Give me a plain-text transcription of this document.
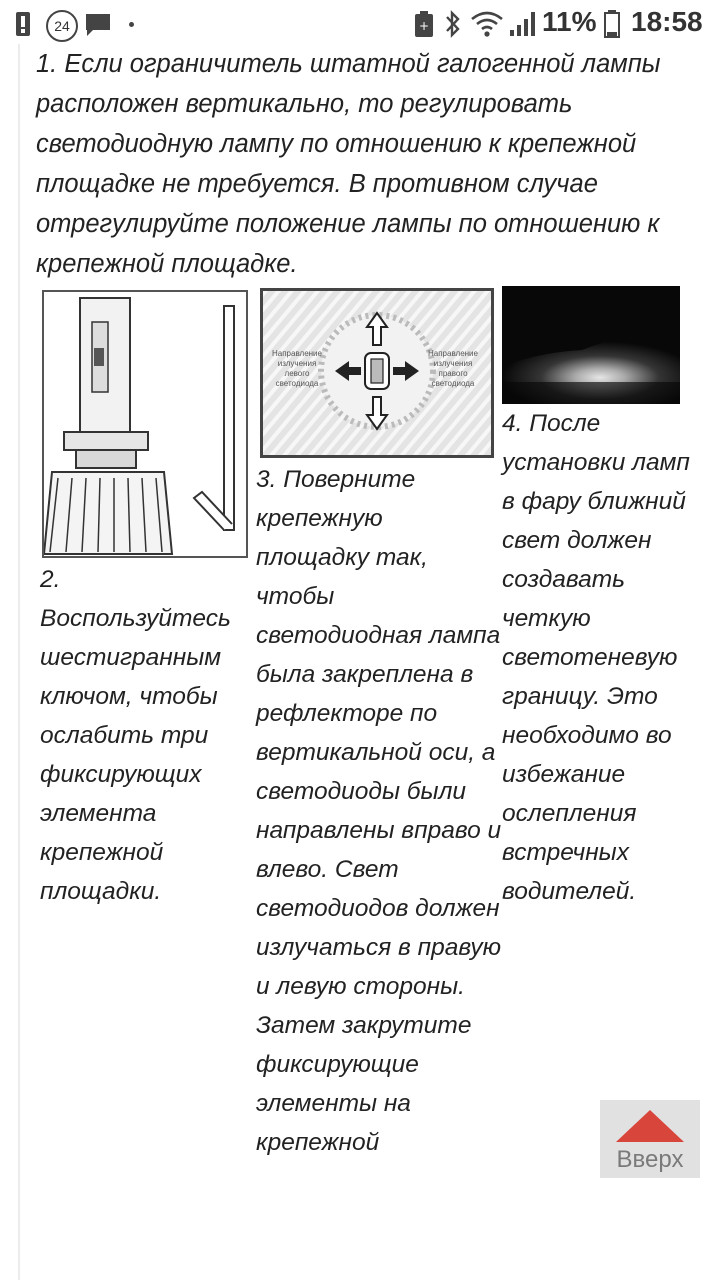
24	+	11% 18:58

1. Если ограничитель штатной галогенной лампы расположен вертикально, то регулировать светодиодную лампу по отношению к крепежной площадке не требуется. В противном случае отрегулируйте положение лампы по отношению к крепежной площадке.

2. Воспользуйтесь шестигранным ключом, чтобы ослабить три фиксирующих элемента крепежной площадки.

Направление
излучения
левого
светодиода
Направление
излучения
правого
светодиода

3. Поверните крепежную площадку так, чтобы светодиодная лампа была закреплена в рефлекторе по вертикальной оси, а светодиоды были направлены вправо и влево. Свет светодиодов должен излучаться в правую и левую стороны. Затем закрутите фиксирующие элементы на крепежной

4. После установки ламп в фару ближний свет должен создавать четкую светотеневую границу. Это необходимо во избежание ослепления встречных водителей.

Вверх
